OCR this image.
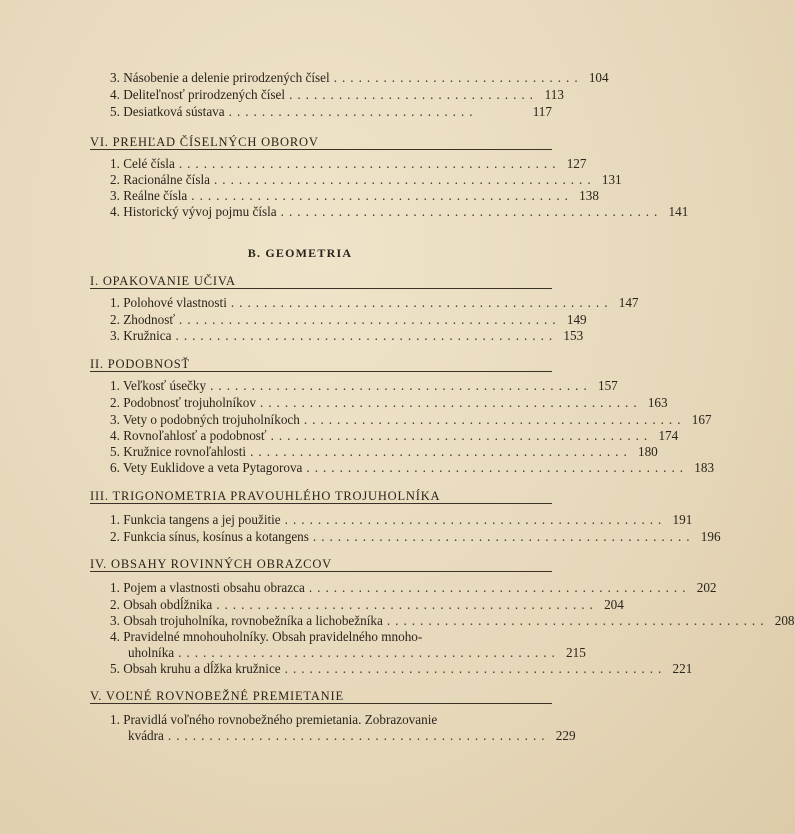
3. Násobenie a delenie prirodzených čísel .............................. 104
4. Deliteľnosť prirodzených čísel .............................. 113
5. Desiatková sústava ..............................	117
VI. PREHĽAD ČÍSELNÝCH OBOROV
1. Celé čísla .............................................. 127
2. Racionálne čísla .............................................. 131
3. Reálne čísla .............................................. 138
4. Historický vývoj pojmu čísla .............................................. 141
B. GEOMETRIA
I. OPAKOVANIE UČIVA
1. Polohové vlastnosti .............................................. 147
2. Zhodnosť .............................................. 149
3. Kružnica .............................................. 153
II. PODOBNOSŤ
1. Veľkosť úsečky .............................................. 157
2. Podobnosť trojuholníkov .............................................. 163
3. Vety o podobných trojuholníkoch .............................................. 167
4. Rovnoľahlosť a podobnosť .............................................. 174
5. Kružnice rovnoľahlosti .............................................. 180
6. Vety Euklidove a veta Pytagorova .............................................. 183
III. TRIGONOMETRIA PRAVOUHLÉHO TROJUHOLNÍKA
1. Funkcia tangens a jej použitie .............................................. 191
2. Funkcia sínus, kosínus a kotangens .............................................. 196
IV. OBSAHY ROVINNÝCH OBRAZCOV
1. Pojem a vlastnosti obsahu obrazca .............................................. 202
2. Obsah obdĺžnika .............................................. 204
3. Obsah trojuholníka, rovnobežníka a lichobežníka .............................................. 208
4. Pravidelné mnohouholníky. Obsah pravidelného mnoho-
uholníka .............................................. 215
5. Obsah kruhu a dĺžka kružnice .............................................. 221
V. VOĽNÉ ROVNOBEŽNÉ PREMIETANIE
1. Pravidlá voľného rovnobežného premietania. Zobrazovanie
kvádra .............................................. 229
